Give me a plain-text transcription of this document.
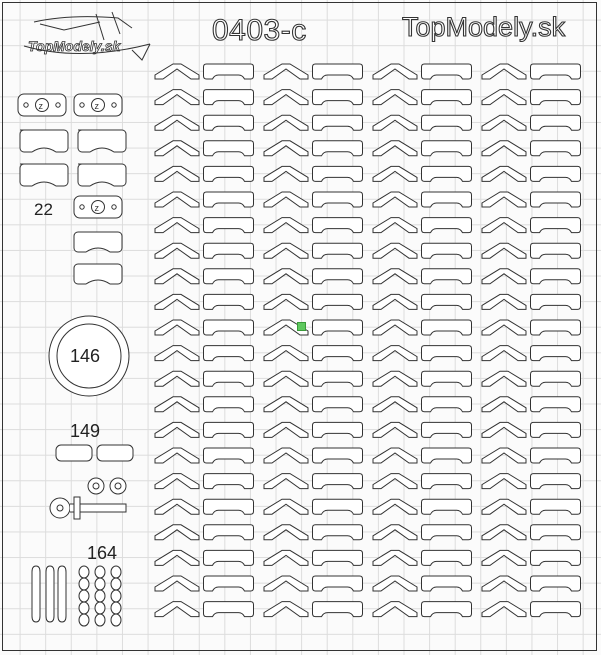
0403-c	TopModely.sk
TopModely.sk
z	z
z
22
146
149
164
